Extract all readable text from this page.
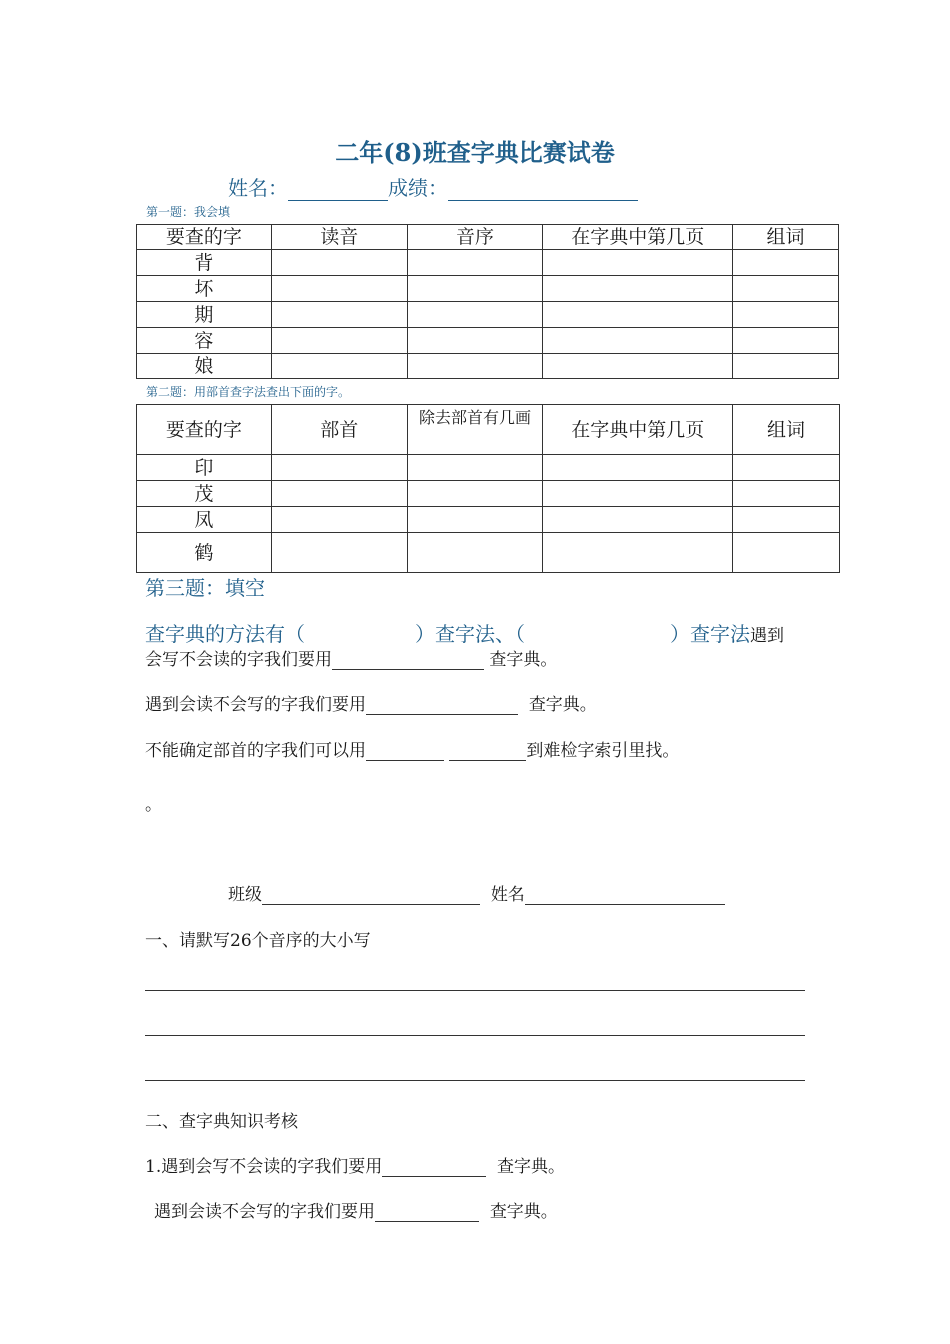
二年(8)班查字典比赛试卷
姓名：	成绩：
第一题：我会填
要查的字	读音	音序	在字典中第几页	组词
背				
坏				
期				
容				
娘				
第二题：用部首查字法查出下面的字。
要查的字	部首	除去部首有几画	在字典中第几页	组词
印				
茂				
凤				
鹤				
第三题：填空
查字典的方法有（	）查字法、（	）查字法遇到
会写不会读的字我们要用	查字典。
遇到会读不会写的字我们要用	查字典。
不能确定部首的字我们可以用	到难检字索引里找。
。
班级	姓名
一、请默写26个音序的大小写
二、查字典知识考核
1.遇到会写不会读的字我们要用	查字典。
遇到会读不会写的字我们要用	查字典。
